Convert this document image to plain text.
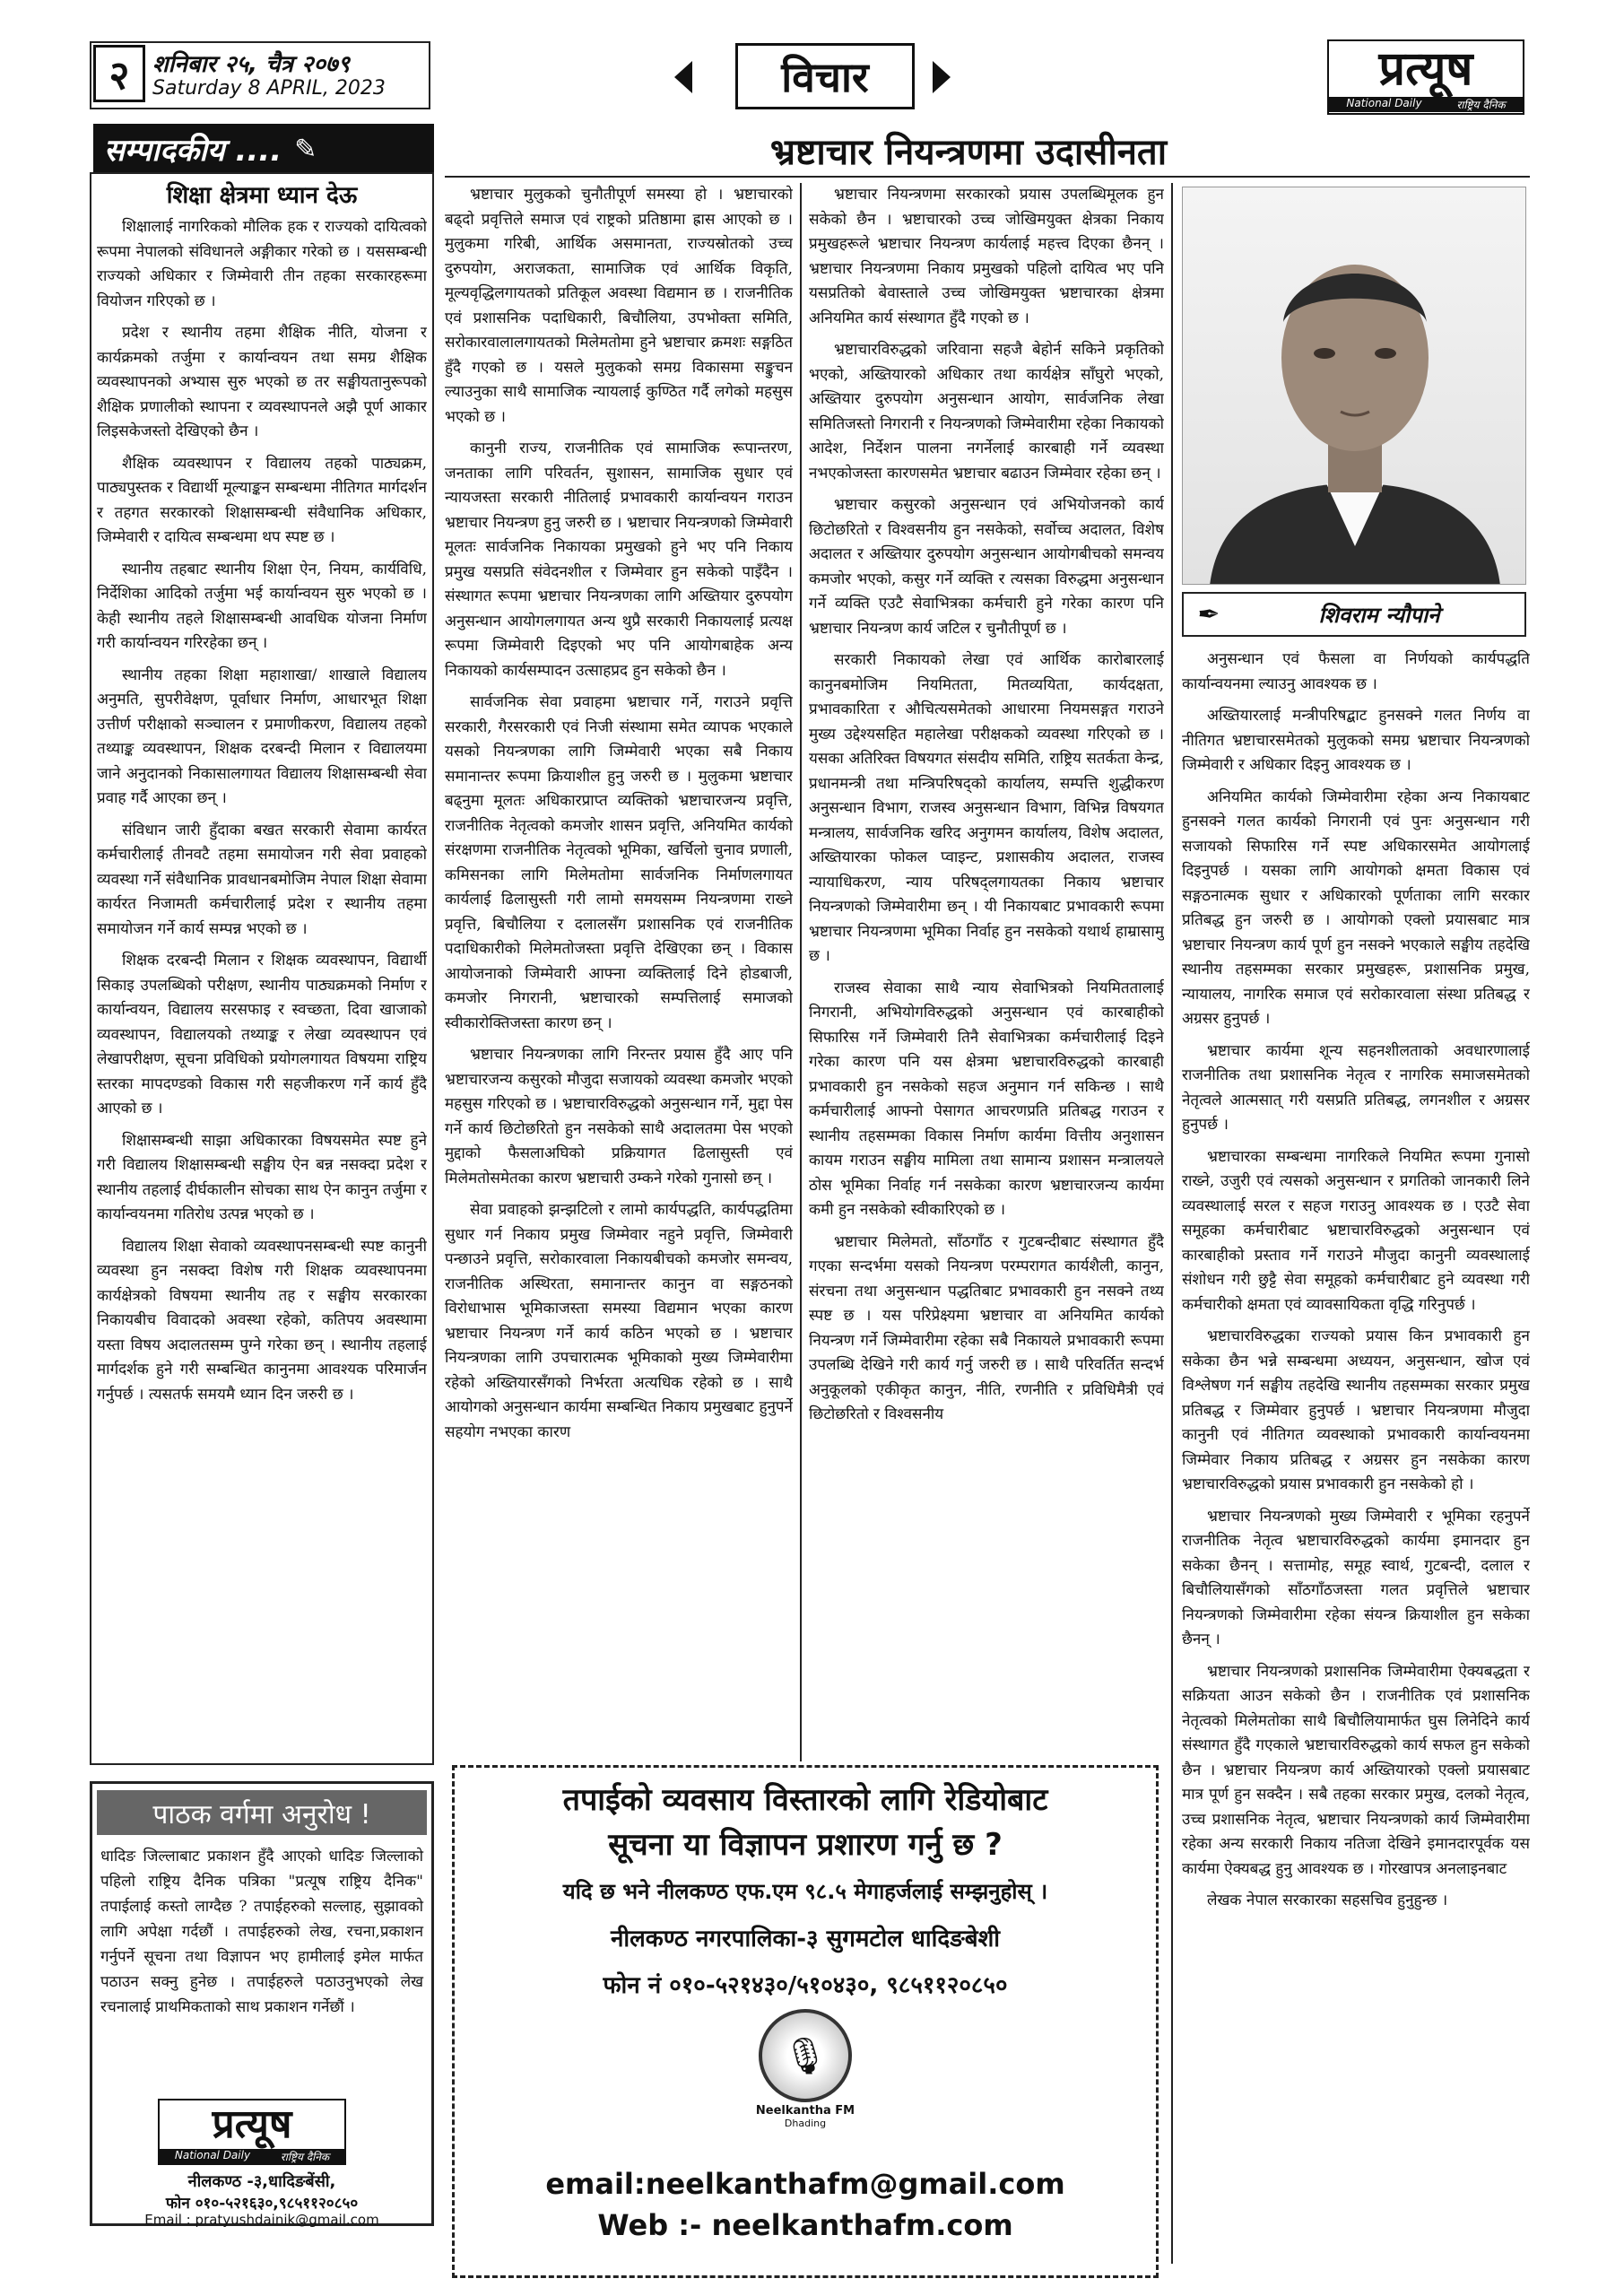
२ शनिबार २५, चैत्र २०७९
Saturday 8 APRIL, 2023	विचार	प्रत्यूष
National Daily	राष्ट्रिय दैनिक
सम्पादकीय .... ✎
शिक्षा क्षेत्रमा ध्यान देऊ

शिक्षालाई नागरिकको मौलिक हक र राज्यको दायित्वको रूपमा नेपालको संविधानले अङ्गीकार गरेको छ । यससम्बन्धी राज्यको अधिकार र जिम्मेवारी तीन तहका सरकारहरूमा वियोजन गरिएको छ ।

प्रदेश र स्थानीय तहमा शैक्षिक नीति, योजना र कार्यक्रमको तर्जुमा र कार्यान्वयन तथा समग्र शैक्षिक व्यवस्थापनको अभ्यास सुरु भएको छ तर सङ्घीयतानुरूपको शैक्षिक प्रणालीको स्थापना र व्यवस्थापनले अझै पूर्ण आकार लिइसकेजस्तो देखिएको छैन ।

शैक्षिक व्यवस्थापन र विद्यालय तहको पाठ्यक्रम, पाठ्यपुस्तक र विद्यार्थी मूल्याङ्कन सम्बन्धमा नीतिगत मार्गदर्शन र तहगत सरकारको शिक्षासम्बन्धी संवैधानिक अधिकार, जिम्मेवारी र दायित्व सम्बन्धमा थप स्पष्ट छ ।

स्थानीय तहबाट स्थानीय शिक्षा ऐन, नियम, कार्यविधि, निर्देशिका आदिको तर्जुमा भई कार्यान्वयन सुरु भएको छ । केही स्थानीय तहले शिक्षासम्बन्धी आवधिक योजना निर्माण गरी कार्यान्वयन गरिरहेका छन् ।

स्थानीय तहका शिक्षा महाशाखा/ शाखाले विद्यालय अनुमति, सुपरीवेक्षण, पूर्वाधार निर्माण, आधारभूत शिक्षा उत्तीर्ण परीक्षाको सञ्चालन र प्रमाणीकरण, विद्यालय तहको तथ्याङ्क व्यवस्थापन, शिक्षक दरबन्दी मिलान र विद्यालयमा जाने अनुदानको निकासालगायत विद्यालय शिक्षासम्बन्धी सेवा प्रवाह गर्दै आएका छन् ।

संविधान जारी हुँदाका बखत सरकारी सेवामा कार्यरत कर्मचारीलाई तीनवटै तहमा समायोजन गरी सेवा प्रवाहको व्यवस्था गर्ने संवैधानिक प्रावधानबमोजिम नेपाल शिक्षा सेवामा कार्यरत निजामती कर्मचारीलाई प्रदेश र स्थानीय तहमा समायोजन गर्ने कार्य सम्पन्न भएको छ ।

शिक्षक दरबन्दी मिलान र शिक्षक व्यवस्थापन, विद्यार्थी सिकाइ उपलब्धिको परीक्षण, स्थानीय पाठ्यक्रमको निर्माण र कार्यान्वयन, विद्यालय सरसफाइ र स्वच्छता, दिवा खाजाको व्यवस्थापन, विद्यालयको तथ्याङ्क र लेखा व्यवस्थापन एवं लेखापरीक्षण, सूचना प्रविधिको प्रयोगलगायत विषयमा राष्ट्रिय स्तरका मापदण्डको विकास गरी सहजीकरण गर्ने कार्य हुँदै आएको छ ।

शिक्षासम्बन्धी साझा अधिकारका विषयसमेत स्पष्ट हुने गरी विद्यालय शिक्षासम्बन्धी सङ्घीय ऐन बन्न नसक्दा प्रदेश र स्थानीय तहलाई दीर्घकालीन सोचका साथ ऐन कानुन तर्जुमा र कार्यान्वयनमा गतिरोध उत्पन्न भएको छ ।

विद्यालय शिक्षा सेवाको व्यवस्थापनसम्बन्धी स्पष्ट कानुनी व्यवस्था हुन नसक्दा विशेष गरी शिक्षक व्यवस्थापनमा कार्यक्षेत्रको विषयमा स्थानीय तह र सङ्घीय सरकारका निकायबीच विवादको अवस्था रहेको, कतिपय अवस्थामा यस्ता विषय अदालतसम्म पुग्ने गरेका छन् । स्थानीय तहलाई मार्गदर्शक हुने गरी सम्बन्धित कानुनमा आवश्यक परिमार्जन गर्नुपर्छ । त्यसतर्फ समयमै ध्यान दिन जरुरी छ ।

पाठक वर्गमा अनुरोध !
धादिङ जिल्लाबाट प्रकाशन हुँदै आएको धादिङ जिल्लाको पहिलो राष्ट्रिय दैनिक पत्रिका "प्रत्यूष राष्ट्रिय दैनिक" तपाईलाई कस्तो लाग्दैछ ? तपाईहरुको सल्लाह, सुझावको लागि अपेक्षा गर्दछौं । तपाईहरुको लेख, रचना,प्रकाशन गर्नुपर्ने सूचना तथा विज्ञापन भए हामीलाई इमेल मार्फत पठाउन सक्नु हुनेछ । तपाईहरुले पठाउनुभएको लेख रचनालाई प्राथमिकताको साथ प्रकाशन गर्नेछौं ।
प्रत्यूष
National Daily	राष्ट्रिय दैनिक
नीलकण्ठ -३,धादिङबेंसी,
फोन ०१०-५२१६३०,९८५११२०८५०
Email : pratyushdainik@gmail.com
भ्रष्टाचार नियन्त्रणमा उदासीनता

भ्रष्टाचार मुलुकको चुनौतीपूर्ण समस्या हो । भ्रष्टाचारको बढ्दो प्रवृत्तिले समाज एवं राष्ट्रको प्रतिष्ठामा ह्रास आएको छ । मुलुकमा गरिबी, आर्थिक असमानता, राज्यस्रोतको उच्च दुरुपयोग, अराजकता, सामाजिक एवं आर्थिक विकृति, मूल्यवृद्धिलगायतको प्रतिकूल अवस्था विद्यमान छ । राजनीतिक एवं प्रशासनिक पदाधिकारी, बिचौलिया, उपभोक्ता समिति, सरोकारवालालगायतको मिलेमतोमा हुने भ्रष्टाचार क्रमशः सङ्गठित हुँदै गएको छ । यसले मुलुकको समग्र विकासमा सङ्कुचन ल्याउनुका साथै सामाजिक न्यायलाई कुण्ठित गर्दै लगेको महसुस भएको छ ।

कानुनी राज्य, राजनीतिक एवं सामाजिक रूपान्तरण, जनताका लागि परिवर्तन, सुशासन, सामाजिक सुधार एवं न्यायजस्ता सरकारी नीतिलाई प्रभावकारी कार्यान्वयन गराउन भ्रष्टाचार नियन्त्रण हुनु जरुरी छ । भ्रष्टाचार नियन्त्रणको जिम्मेवारी मूलतः सार्वजनिक निकायका प्रमुखको हुने भए पनि निकाय प्रमुख यसप्रति संवेदनशील र जिम्मेवार हुन सकेको पाइँदैन । संस्थागत रूपमा भ्रष्टाचार नियन्त्रणका लागि अख्तियार दुरुपयोग अनुसन्धान आयोगलगायत अन्य थुप्रै सरकारी निकायलाई प्रत्यक्ष रूपमा जिम्मेवारी दिइएको भए पनि आयोगबाहेक अन्य निकायको कार्यसम्पादन उत्साहप्रद हुन सकेको छैन ।

सार्वजनिक सेवा प्रवाहमा भ्रष्टाचार गर्ने, गराउने प्रवृत्ति सरकारी, गैरसरकारी एवं निजी संस्थामा समेत व्यापक भएकाले यसको नियन्त्रणका लागि जिम्मेवारी भएका सबै निकाय समानान्तर रूपमा क्रियाशील हुनु जरुरी छ । मुलुकमा भ्रष्टाचार बढ्नुमा मूलतः अधिकारप्राप्त व्यक्तिको भ्रष्टाचारजन्य प्रवृत्ति, राजनीतिक नेतृत्वको कमजोर शासन प्रवृत्ति, अनियमित कार्यको संरक्षणमा राजनीतिक नेतृत्वको भूमिका, खर्चिलो चुनाव प्रणाली, कमिसनका लागि मिलेमतोमा सार्वजनिक निर्माणलगायत कार्यलाई ढिलासुस्ती गरी लामो समयसम्म नियन्त्रणमा राख्ने प्रवृत्ति, बिचौलिया र दलालसँग प्रशासनिक एवं राजनीतिक पदाधिकारीको मिलेमतोजस्ता प्रवृत्ति देखिएका छन् । विकास आयोजनाको जिम्मेवारी आफ्ना व्यक्तिलाई दिने होडबाजी, कमजोर निगरानी, भ्रष्टाचारको सम्पत्तिलाई समाजको स्वीकारोक्तिजस्ता कारण छन् ।

भ्रष्टाचार नियन्त्रणका लागि निरन्तर प्रयास हुँदै आए पनि भ्रष्टाचारजन्य कसुरको मौजुदा सजायको व्यवस्था कमजोर भएको महसुस गरिएको छ । भ्रष्टाचारविरुद्धको अनुसन्धान गर्ने, मुद्दा पेस गर्ने कार्य छिटोछरितो हुन नसकेको साथै अदालतमा पेस भएको मुद्दाको फैसलाअघिको प्रक्रियागत ढिलासुस्ती एवं मिलेमतोसमेतका कारण भ्रष्टाचारी उम्कने गरेको गुनासो छन् ।

सेवा प्रवाहको झन्झटिलो र लामो कार्यपद्धति, कार्यपद्धतिमा सुधार गर्न निकाय प्रमुख जिम्मेवार नहुने प्रवृत्ति, जिम्मेवारी पन्छाउने प्रवृत्ति, सरोकारवाला निकायबीचको कमजोर समन्वय, राजनीतिक अस्थिरता, समानान्तर कानुन वा सङ्गठनको विरोधाभास भूमिकाजस्ता समस्या विद्यमान भएका कारण भ्रष्टाचार नियन्त्रण गर्ने कार्य कठिन भएको छ । भ्रष्टाचार नियन्त्रणका लागि उपचारात्मक भूमिकाको मुख्य जिम्मेवारीमा रहेको अख्तियारसँगको निर्भरता अत्यधिक रहेको छ । साथै आयोगको अनुसन्धान कार्यमा सम्बन्धित निकाय प्रमुखबाट हुनुपर्ने सहयोग नभएका कारण

भ्रष्टाचार नियन्त्रणमा सरकारको प्रयास उपलब्धिमूलक हुन सकेको छैन । भ्रष्टाचारको उच्च जोखिमयुक्त क्षेत्रका निकाय प्रमुखहरूले भ्रष्टाचार नियन्त्रण कार्यलाई महत्त्व दिएका छैनन् । भ्रष्टाचार नियन्त्रणमा निकाय प्रमुखको पहिलो दायित्व भए पनि यसप्रतिको बेवास्ताले उच्च जोखिमयुक्त भ्रष्टाचारका क्षेत्रमा अनियमित कार्य संस्थागत हुँदै गएको छ ।

भ्रष्टाचारविरुद्धको जरिवाना सहजै बेहोर्न सकिने प्रकृतिको भएको, अख्तियारको अधिकार तथा कार्यक्षेत्र साँघुरो भएको, अख्तियार दुरुपयोग अनुसन्धान आयोग, सार्वजनिक लेखा समितिजस्तो निगरानी र नियन्त्रणको जिम्मेवारीमा रहेका निकायको आदेश, निर्देशन पालना नगर्नेलाई कारबाही गर्ने व्यवस्था नभएकोजस्ता कारणसमेत भ्रष्टाचार बढाउन जिम्मेवार रहेका छन् ।

भ्रष्टाचार कसुरको अनुसन्धान एवं अभियोजनको कार्य छिटोछरितो र विश्वसनीय हुन नसकेको, सर्वोच्च अदालत, विशेष अदालत र अख्तियार दुरुपयोग अनुसन्धान आयोगबीचको समन्वय कमजोर भएको, कसुर गर्ने व्यक्ति र त्यसका विरुद्धमा अनुसन्धान गर्ने व्यक्ति एउटै सेवाभित्रका कर्मचारी हुने गरेका कारण पनि भ्रष्टाचार नियन्त्रण कार्य जटिल र चुनौतीपूर्ण छ ।

सरकारी निकायको लेखा एवं आर्थिक कारोबारलाई कानुनबमोजिम नियमितता, मितव्ययिता, कार्यदक्षता, प्रभावकारिता र औचित्यसमेतको आधारमा नियमसङ्गत गराउने मुख्य उद्देश्यसहित महालेखा परीक्षकको व्यवस्था गरिएको छ । यसका अतिरिक्त विषयगत संसदीय समिति, राष्ट्रिय सतर्कता केन्द्र, प्रधानमन्त्री तथा मन्त्रिपरिषद्को कार्यालय, सम्पत्ति शुद्धीकरण अनुसन्धान विभाग, राजस्व अनुसन्धान विभाग, विभिन्न विषयगत मन्त्रालय, सार्वजनिक खरिद अनुगमन कार्यालय, विशेष अदालत, अख्तियारका फोकल प्वाइन्ट, प्रशासकीय अदालत, राजस्व न्यायाधिकरण, न्याय परिषद्लगायतका निकाय भ्रष्टाचार नियन्त्रणको जिम्मेवारीमा छन् । यी निकायबाट प्रभावकारी रूपमा भ्रष्टाचार नियन्त्रणमा भूमिका निर्वाह हुन नसकेको यथार्थ हाम्रासामु छ ।

राजस्व सेवाका साथै न्याय सेवाभित्रको नियमिततालाई निगरानी, अभियोगविरुद्धको अनुसन्धान एवं कारबाहीको सिफारिस गर्ने जिम्मेवारी तिनै सेवाभित्रका कर्मचारीलाई दिइने गरेका कारण पनि यस क्षेत्रमा भ्रष्टाचारविरुद्धको कारबाही प्रभावकारी हुन नसकेको सहज अनुमान गर्न सकिन्छ । साथै कर्मचारीलाई आफ्नो पेसागत आचरणप्रति प्रतिबद्ध गराउन र स्थानीय तहसम्मका विकास निर्माण कार्यमा वित्तीय अनुशासन कायम गराउन सङ्घीय मामिला तथा सामान्य प्रशासन मन्त्रालयले ठोस भूमिका निर्वाह गर्न नसकेका कारण भ्रष्टाचारजन्य कार्यमा कमी हुन नसकेको स्वीकारिएको छ ।

भ्रष्टाचार मिलेमतो, साँठगाँठ र गुटबन्दीबाट संस्थागत हुँदै गएका सन्दर्भमा यसको नियन्त्रण परम्परागत कार्यशैली, कानुन, संरचना तथा अनुसन्धान पद्धतिबाट प्रभावकारी हुन नसक्ने तथ्य स्पष्ट छ । यस परिप्रेक्ष्यमा भ्रष्टाचार वा अनियमित कार्यको नियन्त्रण गर्ने जिम्मेवारीमा रहेका सबै निकायले प्रभावकारी रूपमा उपलब्धि देखिने गरी कार्य गर्नु जरुरी छ । साथै परिवर्तित सन्दर्भ अनुकूलको एकीकृत कानुन, नीति, रणनीति र प्रविधिमैत्री एवं छिटोछरितो र विश्वसनीय

✒	शिवराम न्यौपाने

अनुसन्धान एवं फैसला वा निर्णयको कार्यपद्धति कार्यान्वयनमा ल्याउनु आवश्यक छ ।

अख्तियारलाई मन्त्रीपरिषद्बाट हुनसक्ने गलत निर्णय वा नीतिगत भ्रष्टाचारसमेतको मुलुकको समग्र भ्रष्टाचार नियन्त्रणको जिम्मेवारी र अधिकार दिइनु आवश्यक छ ।

अनियमित कार्यको जिम्मेवारीमा रहेका अन्य निकायबाट हुनसक्ने गलत कार्यको निगरानी एवं पुनः अनुसन्धान गरी सजायको सिफारिस गर्ने स्पष्ट अधिकारसमेत आयोगलाई दिइनुपर्छ । यसका लागि आयोगको क्षमता विकास एवं सङ्गठनात्मक सुधार र अधिकारको पूर्णताका लागि सरकार प्रतिबद्ध हुन जरुरी छ । आयोगको एक्लो प्रयासबाट मात्र भ्रष्टाचार नियन्त्रण कार्य पूर्ण हुन नसक्ने भएकाले सङ्घीय तहदेखि स्थानीय तहसम्मका सरकार प्रमुखहरू, प्रशासनिक प्रमुख, न्यायालय, नागरिक समाज एवं सरोकारवाला संस्था प्रतिबद्ध र अग्रसर हुनुपर्छ ।

भ्रष्टाचार कार्यमा शून्य सहनशीलताको अवधारणालाई राजनीतिक तथा प्रशासनिक नेतृत्व र नागरिक समाजसमेतको नेतृत्वले आत्मसात् गरी यसप्रति प्रतिबद्ध, लगनशील र अग्रसर हुनुपर्छ ।

भ्रष्टाचारका सम्बन्धमा नागरिकले नियमित रूपमा गुनासो राख्ने, उजुरी एवं त्यसको अनुसन्धान र प्रगतिको जानकारी लिने व्यवस्थालाई सरल र सहज गराउनु आवश्यक छ । एउटै सेवा समूहका कर्मचारीबाट भ्रष्टाचारविरुद्धको अनुसन्धान एवं कारबाहीको प्रस्ताव गर्ने गराउने मौजुदा कानुनी व्यवस्थालाई संशोधन गरी छुट्टै सेवा समूहको कर्मचारीबाट हुने व्यवस्था गरी कर्मचारीको क्षमता एवं व्यावसायिकता वृद्धि गरिनुपर्छ ।

भ्रष्टाचारविरुद्धका राज्यको प्रयास किन प्रभावकारी हुन सकेका छैन भन्ने सम्बन्धमा अध्ययन, अनुसन्धान, खोज एवं विश्लेषण गर्न सङ्घीय तहदेखि स्थानीय तहसम्मका सरकार प्रमुख प्रतिबद्ध र जिम्मेवार हुनुपर्छ । भ्रष्टाचार नियन्त्रणमा मौजुदा कानुनी एवं नीतिगत व्यवस्थाको प्रभावकारी कार्यान्वयनमा जिम्मेवार निकाय प्रतिबद्ध र अग्रसर हुन नसकेका कारण भ्रष्टाचारविरुद्धको प्रयास प्रभावकारी हुन नसकेको हो ।

भ्रष्टाचार नियन्त्रणको मुख्य जिम्मेवारी र भूमिका रहनुपर्ने राजनीतिक नेतृत्व भ्रष्टाचारविरुद्धको कार्यमा इमानदार हुन सकेका छैनन् । सत्तामोह, समूह स्वार्थ, गुटबन्दी, दलाल र बिचौलियासँगको साँठगाँठजस्ता गलत प्रवृत्तिले भ्रष्टाचार नियन्त्रणको जिम्मेवारीमा रहेका संयन्त्र क्रियाशील हुन सकेका छैनन् ।

भ्रष्टाचार नियन्त्रणको प्रशासनिक जिम्मेवारीमा ऐक्यबद्धता र सक्रियता आउन सकेको छैन । राजनीतिक एवं प्रशासनिक नेतृत्वको मिलेमतोका साथै बिचौलियामार्फत घुस लिनेदिने कार्य संस्थागत हुँदै गएकाले भ्रष्टाचारविरुद्धको कार्य सफल हुन सकेको छैन । भ्रष्टाचार नियन्त्रण कार्य अख्तियारको एक्लो प्रयासबाट मात्र पूर्ण हुन सक्दैन । सबै तहका सरकार प्रमुख, दलको नेतृत्व, उच्च प्रशासनिक नेतृत्व, भ्रष्टाचार नियन्त्रणको कार्य जिम्मेवारीमा रहेका अन्य सरकारी निकाय नतिजा देखिने इमानदारपूर्वक यस कार्यमा ऐक्यबद्ध हुनु आवश्यक छ । गोरखापत्र अनलाइनबाट

लेखक नेपाल सरकारका सहसचिव हुनुहुन्छ ।

तपाईको व्यवसाय विस्तारको लागि रेडियोबाट
सूचना या विज्ञापन प्रशारण गर्नु छ ?
यदि छ भने नीलकण्ठ एफ.एम ९८.५ मेगाहर्जलाई सम्झनुहोस् ।
नीलकण्ठ नगरपालिका-३ सुगमटोल धादिङबेशी
फोन नं ०१०-५२१४३०/५१०४३०, ९८५११२०८५०
🎙
Neelkantha FM
Dhading
email:neelkanthafm@gmail.com
Web :- neelkanthafm.com
